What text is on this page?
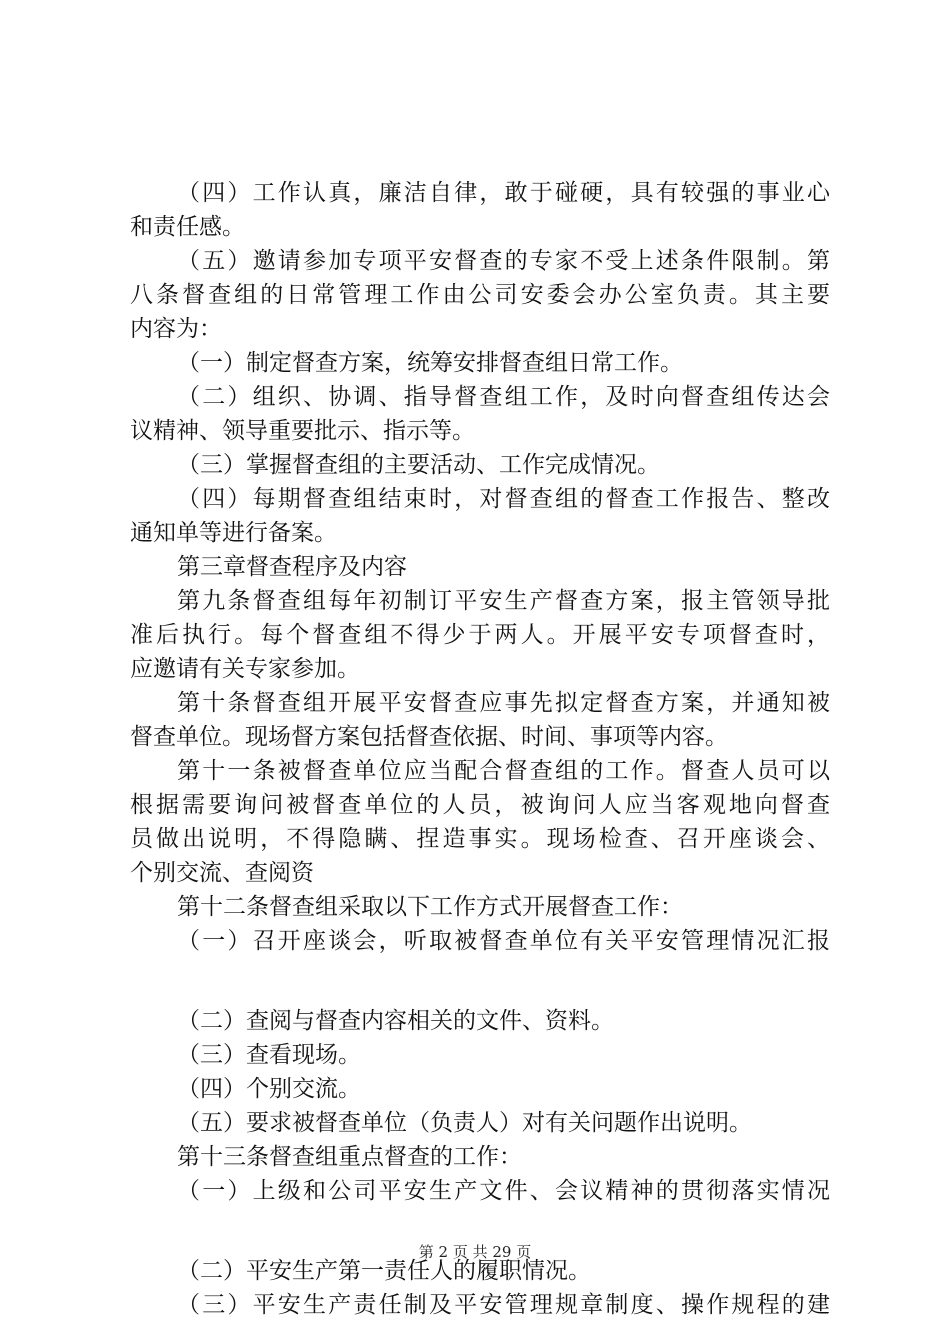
（四）工作认真，廉洁自律，敢于碰硬，具有较强的事业心
和责任感。
（五）邀请参加专项平安督查的专家不受上述条件限制。第
八条督查组的日常管理工作由公司安委会办公室负责。其主要
内容为：
（一）制定督查方案，统筹安排督查组日常工作。
（二）组织、协调、指导督查组工作，及时向督查组传达会
议精神、领导重要批示、指示等。
（三）掌握督查组的主要活动、工作完成情况。
（四）每期督查组结束时，对督查组的督查工作报告、整改
通知单等进行备案。
第三章督查程序及内容
第九条督查组每年初制订平安生产督查方案，报主管领导批
准后执行。每个督查组不得少于两人。开展平安专项督查时，
应邀请有关专家参加。
第十条督查组开展平安督查应事先拟定督查方案，并通知被
督查单位。现场督方案包括督查依据、时间、事项等内容。
第十一条被督查单位应当配合督查组的工作。督查人员可以
根据需要询问被督查单位的人员，被询问人应当客观地向督查
员做出说明，不得隐瞒、捏造事实。现场检查、召开座谈会、
个别交流、查阅资
第十二条督查组采取以下工作方式开展督查工作：
（一）召开座谈会，听取被督查单位有关平安管理情况汇报
（二）查阅与督查内容相关的文件、资料。
（三）查看现场。
（四）个别交流。
（五）要求被督查单位（负责人）对有关问题作出说明。
第十三条督查组重点督查的工作：
（一）上级和公司平安生产文件、会议精神的贯彻落实情况
（二）平安生产第一责任人的履职情况。
（三）平安生产责任制及平安管理规章制度、操作规程的建
第 2 页 共 29 页
